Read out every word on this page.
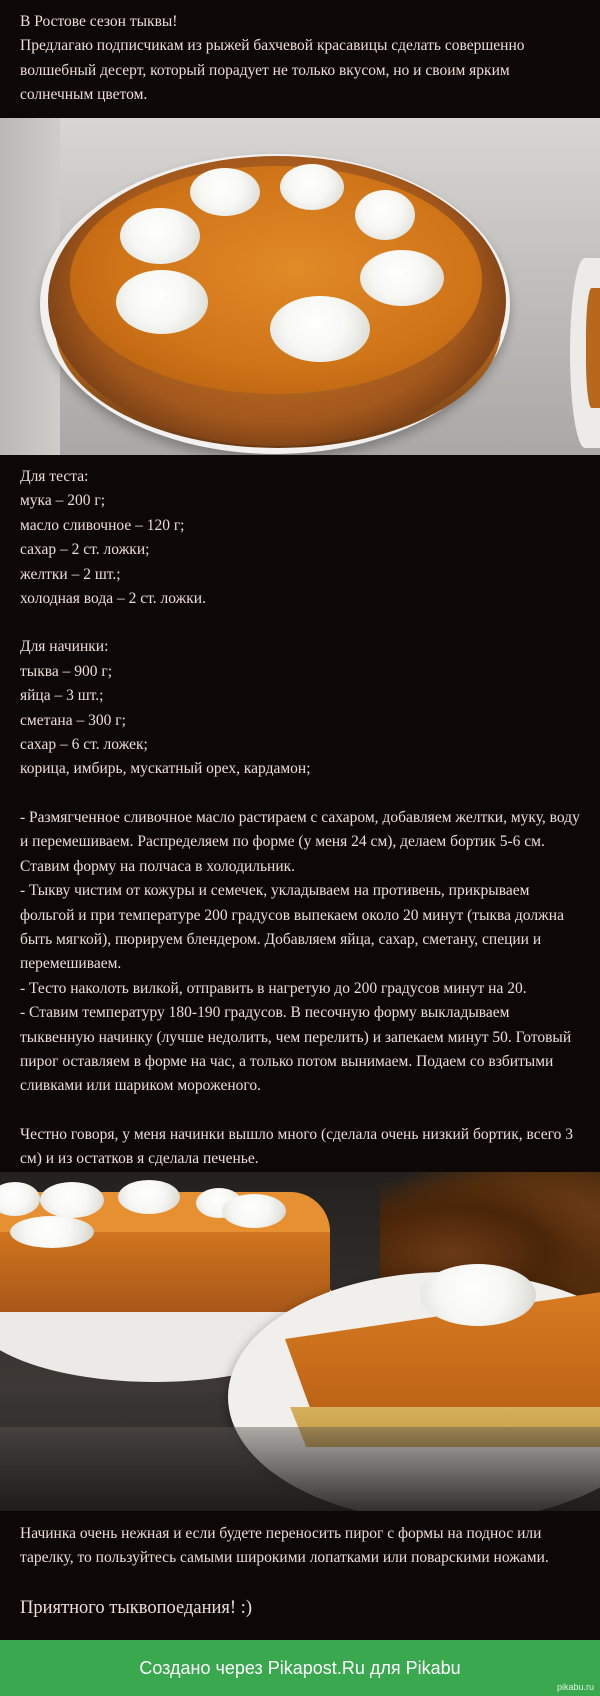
В Ростове сезон тыквы!

Предлагаю подписчикам из рыжей бахчевой красавицы сделать совершенно волшебный десерт, который порадует не только вкусом, но и своим ярким солнечным цветом.

Для теста:

мука – 200 г;

масло сливочное – 120 г;

сахар – 2 ст. ложки;

желтки – 2 шт.;

холодная вода – 2 ст. ложки.

Для начинки:

тыква – 900 г;

яйца – 3 шт.;

сметана – 300 г;

сахар – 6 ст. ложек;

корица, имбирь, мускатный орех, кардамон;

- Размягченное сливочное масло растираем с сахаром, добавляем желтки, муку, воду и перемешиваем. Распределяем по форме (у меня 24 см), делаем бортик 5-6 см. Ставим форму на полчаса в холодильник.

- Тыкву чистим от кожуры и семечек, укладываем на противень, прикрываем фольгой и при температуре 200 градусов выпекаем около 20 минут (тыква должна быть мягкой), пюрируем блендером. Добавляем яйца, сахар, сметану, специи и перемешиваем.

- Тесто наколоть вилкой, отправить в нагретую до 200 градусов минут на 20.

- Ставим температуру 180-190 градусов. В песочную форму выкладываем тыквенную начинку (лучше недолить, чем перелить) и запекаем минут 50. Готовый пирог оставляем в форме на час, а только потом вынимаем. Подаем со взбитыми сливками или шариком мороженого.

Честно говоря, у меня начинки вышло много (сделала очень низкий бортик, всего 3 см) и из остатков я сделала печенье.

Начинка очень нежная и если будете переносить пирог с формы на поднос или тарелку, то пользуйтесь самыми широкими лопатками или поварскими ножами.
Приятного тыквопоедания! :)
Создано через Pikapost.Ru для Pikabu
pikabu.ru
